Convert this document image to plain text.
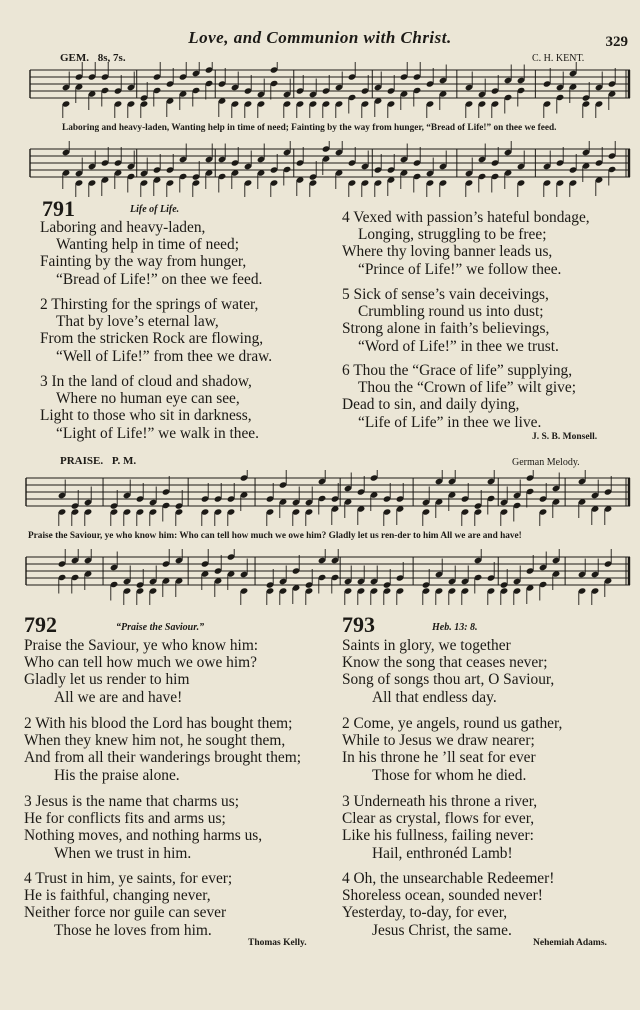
Love, and Communion with Christ.	329
GEM. 8s, 7s.	C. H. KENT.
Laboring and heavy-laden, Wanting help in time of need; Fainting by the way from hunger, “Bread of Life!” on thee we feed.
791	Life of Life.
Laboring and heavy-laden,
Wanting help in time of need;
Fainting by the way from hunger,
“Bread of Life!” on thee we feed.
2 Thirsting for the springs of water,
That by love’s eternal law,
From the stricken Rock are flowing,
“Well of Life!” from thee we draw.
3 In the land of cloud and shadow,
Where no human eye can see,
Light to those who sit in darkness,
“Light of Life!” we walk in thee.
4 Vexed with passion’s hateful bondage,
Longing, struggling to be free;
Where thy loving banner leads us,
“Prince of Life!” we follow thee.
5 Sick of sense’s vain deceivings,
Crumbling round us into dust;
Strong alone in faith’s believings,
“Word of Life!” in thee we trust.
6 Thou the “Grace of life” supplying,
Thou the “Crown of life” wilt give;
Dead to sin, and daily dying,
“Life of Life” in thee we live.
J. S. B. Monsell.
PRAISE. P. M.	German Melody.
Praise the Saviour, ye who know him: Who can tell how much we owe him? Gladly let us ren-der to him All we are and have!
792	“Praise the Saviour.”
Praise the Saviour, ye who know him:
Who can tell how much we owe him?
Gladly let us render to him
All we are and have!
2 With his blood the Lord has bought them;
When they knew him not, he sought them,
And from all their wanderings brought them;
His the praise alone.
3 Jesus is the name that charms us;
He for conflicts fits and arms us;
Nothing moves, and nothing harms us,
When we trust in him.
4 Trust in him, ye saints, for ever;
He is faithful, changing never,
Neither force nor guile can sever
Those he loves from him.
Thomas Kelly.
793	Heb. 13: 8.
Saints in glory, we together
Know the song that ceases never;
Song of songs thou art, O Saviour,
All that endless day.
2 Come, ye angels, round us gather,
While to Jesus we draw nearer;
In his throne he ’ll seat for ever
Those for whom he died.
3 Underneath his throne a river,
Clear as crystal, flows for ever,
Like his fullness, failing never:
Hail, enthronéd Lamb!
4 Oh, the unsearchable Redeemer!
Shoreless ocean, sounded never!
Yesterday, to-day, for ever,
Jesus Christ, the same.
Nehemiah Adams.
